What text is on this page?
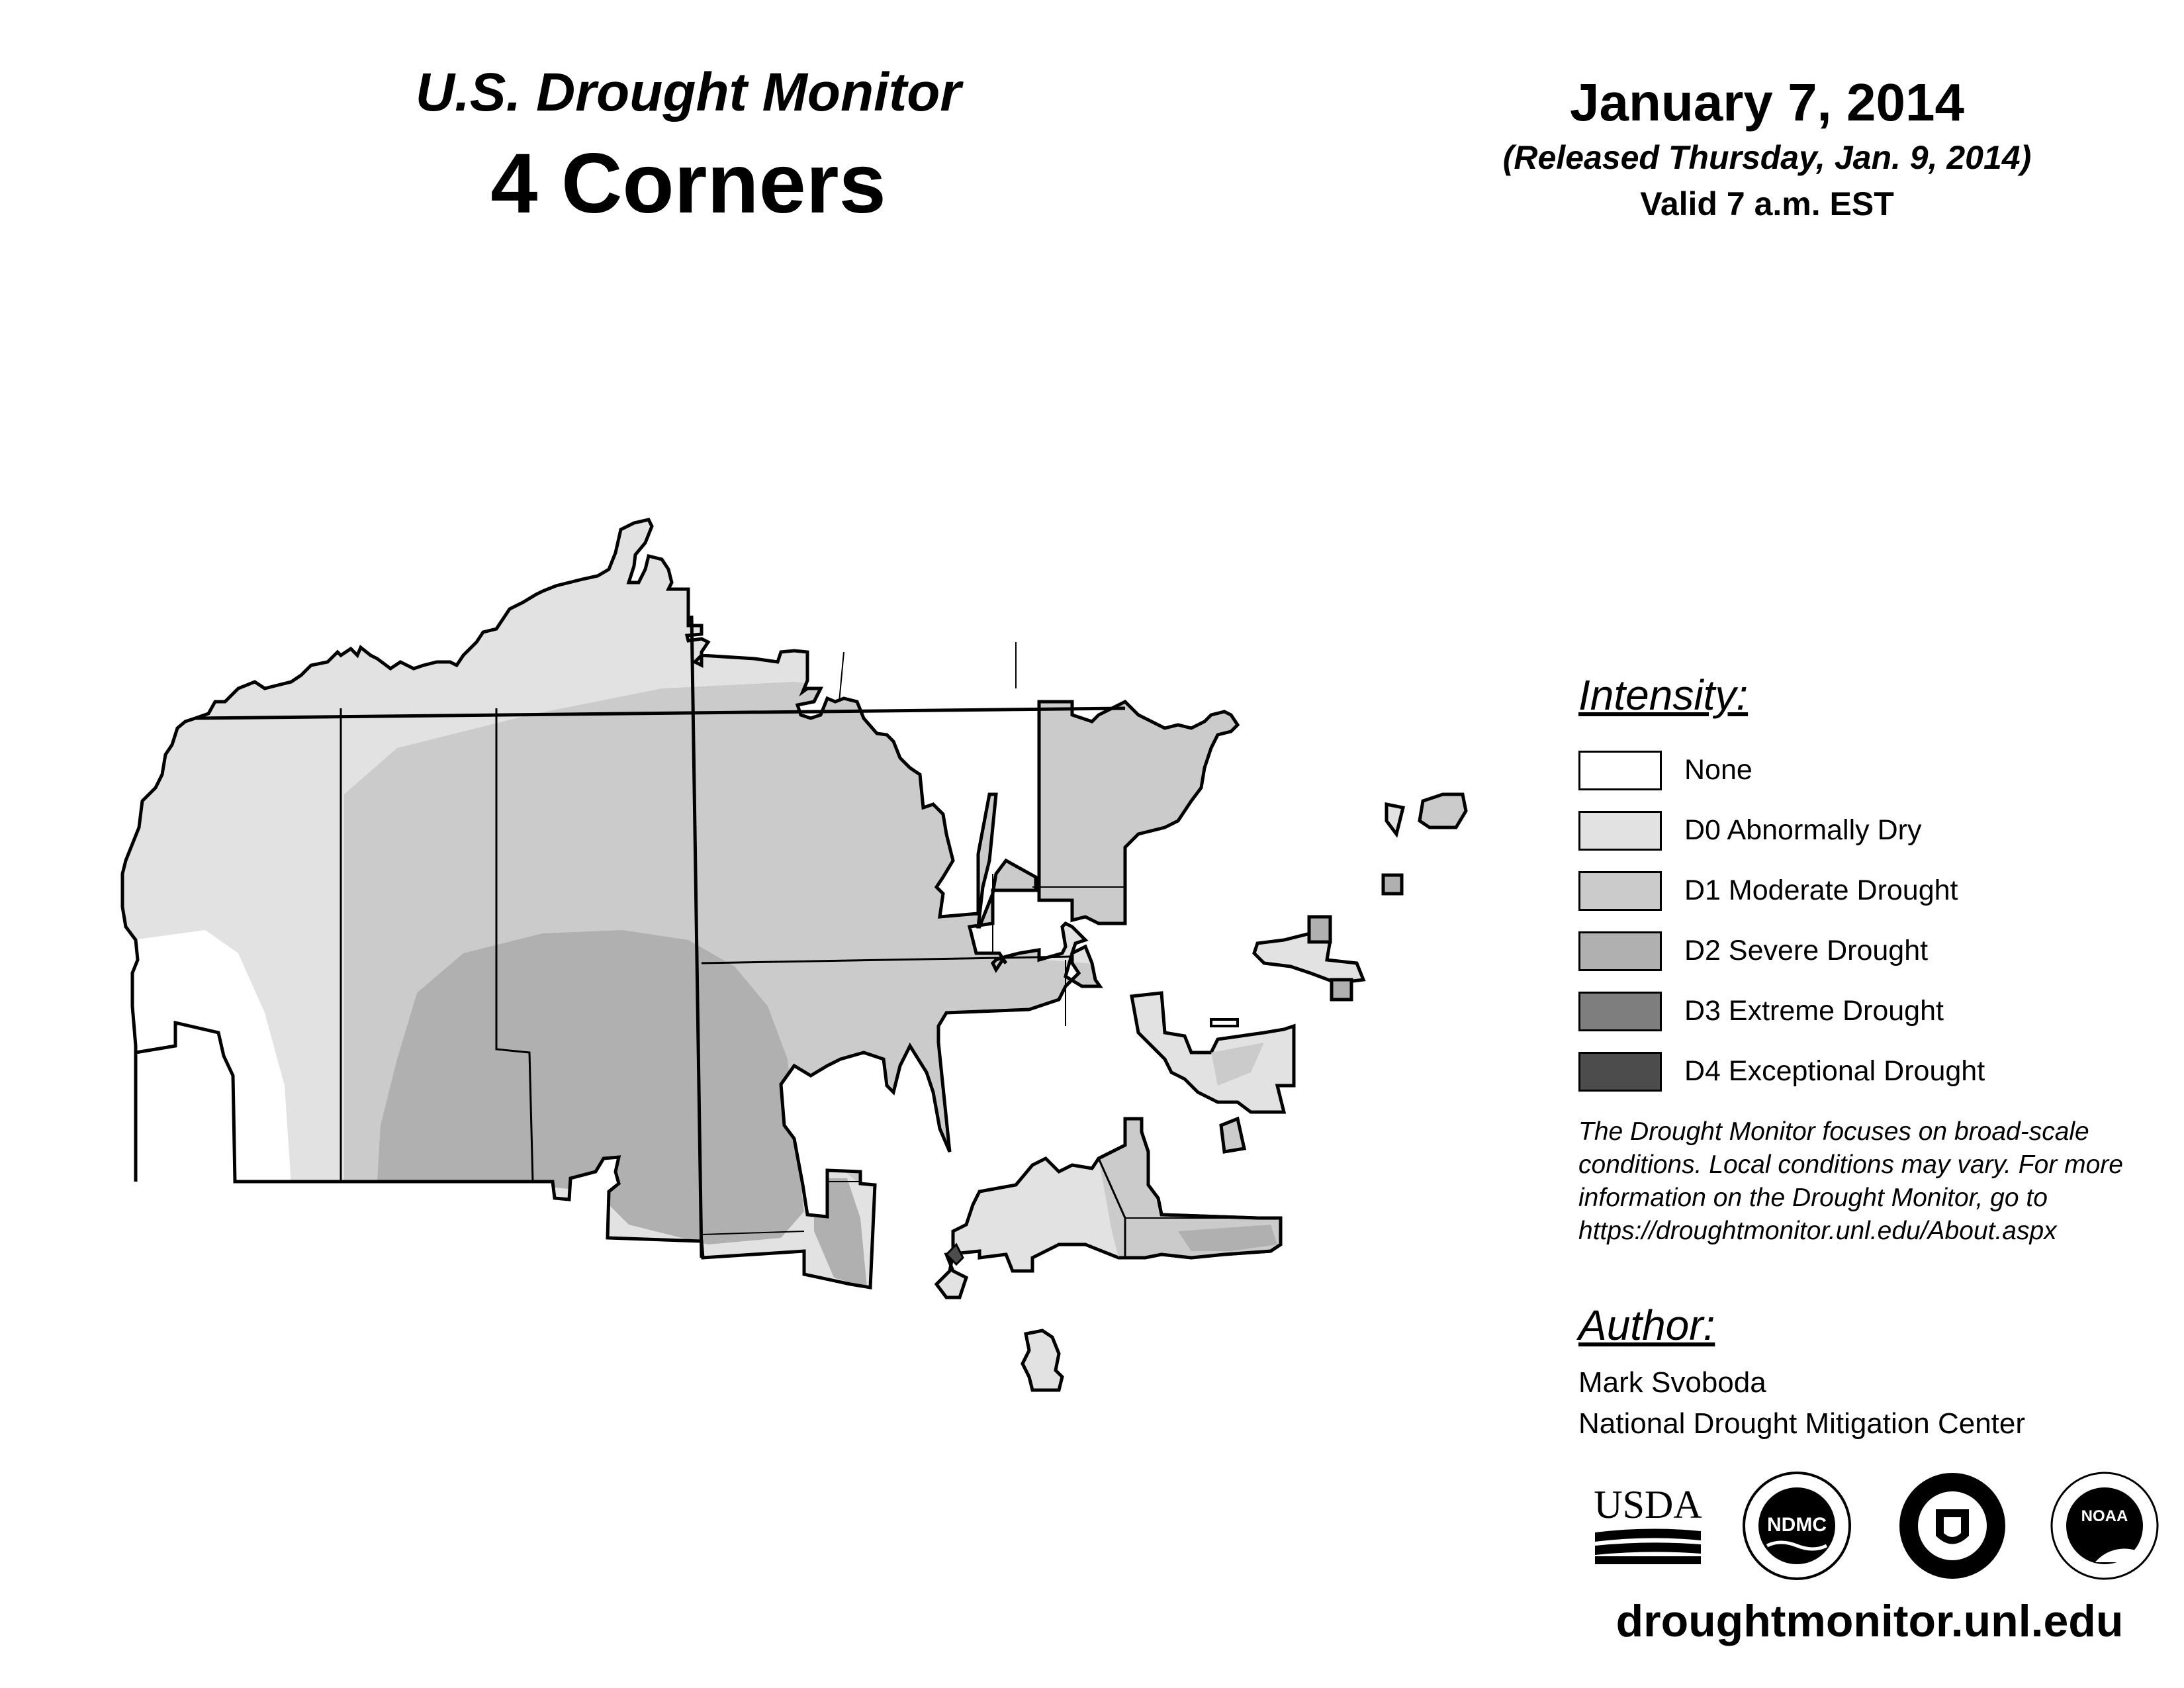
U.S. Drought Monitor
4 Corners
January 7, 2014
(Released Thursday, Jan. 9, 2014)
Valid 7 a.m. EST
Intensity:
None
D0 Abnormally Dry
D1 Moderate Drought
D2 Severe Drought
D3 Extreme Drought
D4 Exceptional Drought
The Drought Monitor focuses on broad-scale
conditions. Local conditions may vary. For more
information on the Drought Monitor, go to
https://droughtmonitor.unl.edu/About.aspx
Author:
Mark Svoboda
National Drought Mitigation Center
USDA	NDMC	NOAA
droughtmonitor.unl.edu
